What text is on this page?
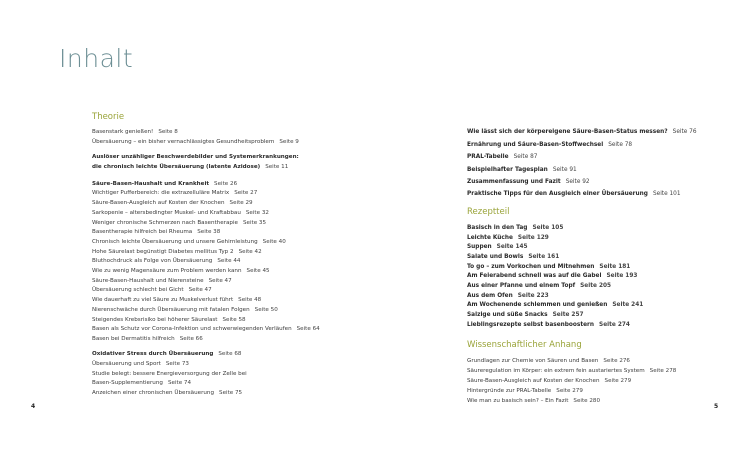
Inhalt
Theorie
Basenstark genießen! Seite 8
Übersäuerung – ein bisher vernachlässigtes Gesundheitsproblem Seite 9
Auslöser unzähliger Beschwerdebilder und Systemerkrankungen:
die chronisch leichte Übersäuerung (latente Azidose) Seite 11
Säure-Basen-Haushalt und Krankheit Seite 26
Wichtiger Pufferbereich: die extrazelluläre Matrix Seite 27
Säure-Basen-Ausgleich auf Kosten der Knochen Seite 29
Sarkopenie – altersbedingter Muskel- und Kraftabbau Seite 32
Weniger chronische Schmerzen nach Basentherapie Seite 35
Basentherapie hilfreich bei Rheuma Seite 38
Chronisch leichte Übersäuerung und unsere Gehirnleistung Seite 40
Hohe Säurelast begünstigt Diabetes mellitus Typ 2 Seite 42
Bluthochdruck als Folge von Übersäuerung Seite 44
Wie zu wenig Magensäure zum Problem werden kann Seite 45
Säure-Basen-Haushalt und Nierensteine Seite 47
Übersäuerung schlecht bei Gicht Seite 47
Wie dauerhaft zu viel Säure zu Muskelverlust führt Seite 48
Nierenschwäche durch Übersäuerung mit fatalen Folgen Seite 50
Steigendes Krebsrisiko bei höherer Säurelast Seite 58
Basen als Schutz vor Corona-Infektion und schwerwiegenden Verläufen Seite 64
Basen bei Dermatitis hilfreich Seite 66
Oxidativer Stress durch Übersäuerung Seite 68
Übersäuerung und Sport Seite 73
Studie belegt: bessere Energieversorgung der Zelle bei
Basen-Supplementierung Seite 74
Anzeichen einer chronischen Übersäuerung Seite 75
Wie lässt sich der körpereigene Säure-Basen-Status messen? Seite 76
Ernährung und Säure-Basen-Stoffwechsel Seite 78
PRAL-Tabelle Seite 87
Beispielhafter Tagesplan Seite 91
Zusammenfassung und Fazit Seite 92
Praktische Tipps für den Ausgleich einer Übersäuerung Seite 101
Rezeptteil
Basisch in den Tag Seite 105
Leichte Küche Seite 129
Suppen Seite 145
Salate und Bowls Seite 161
To go – zum Vorkochen und Mitnehmen Seite 181
Am Feierabend schnell was auf die Gabel Seite 193
Aus einer Pfanne und einem Topf Seite 205
Aus dem Ofen Seite 223
Am Wochenende schlemmen und genießen Seite 241
Salzige und süße Snacks Seite 257
Lieblingsrezepte selbst basenboostern Seite 274
Wissenschaftlicher Anhang
Grundlagen zur Chemie von Säuren und Basen Seite 276
Säureregulation im Körper: ein extrem fein austariertes System Seite 278
Säure-Basen-Ausgleich auf Kosten der Knochen Seite 279
Hintergründe zur PRAL-Tabelle Seite 279
Wie man zu basisch sein? – Ein Fazit Seite 280
4	5
